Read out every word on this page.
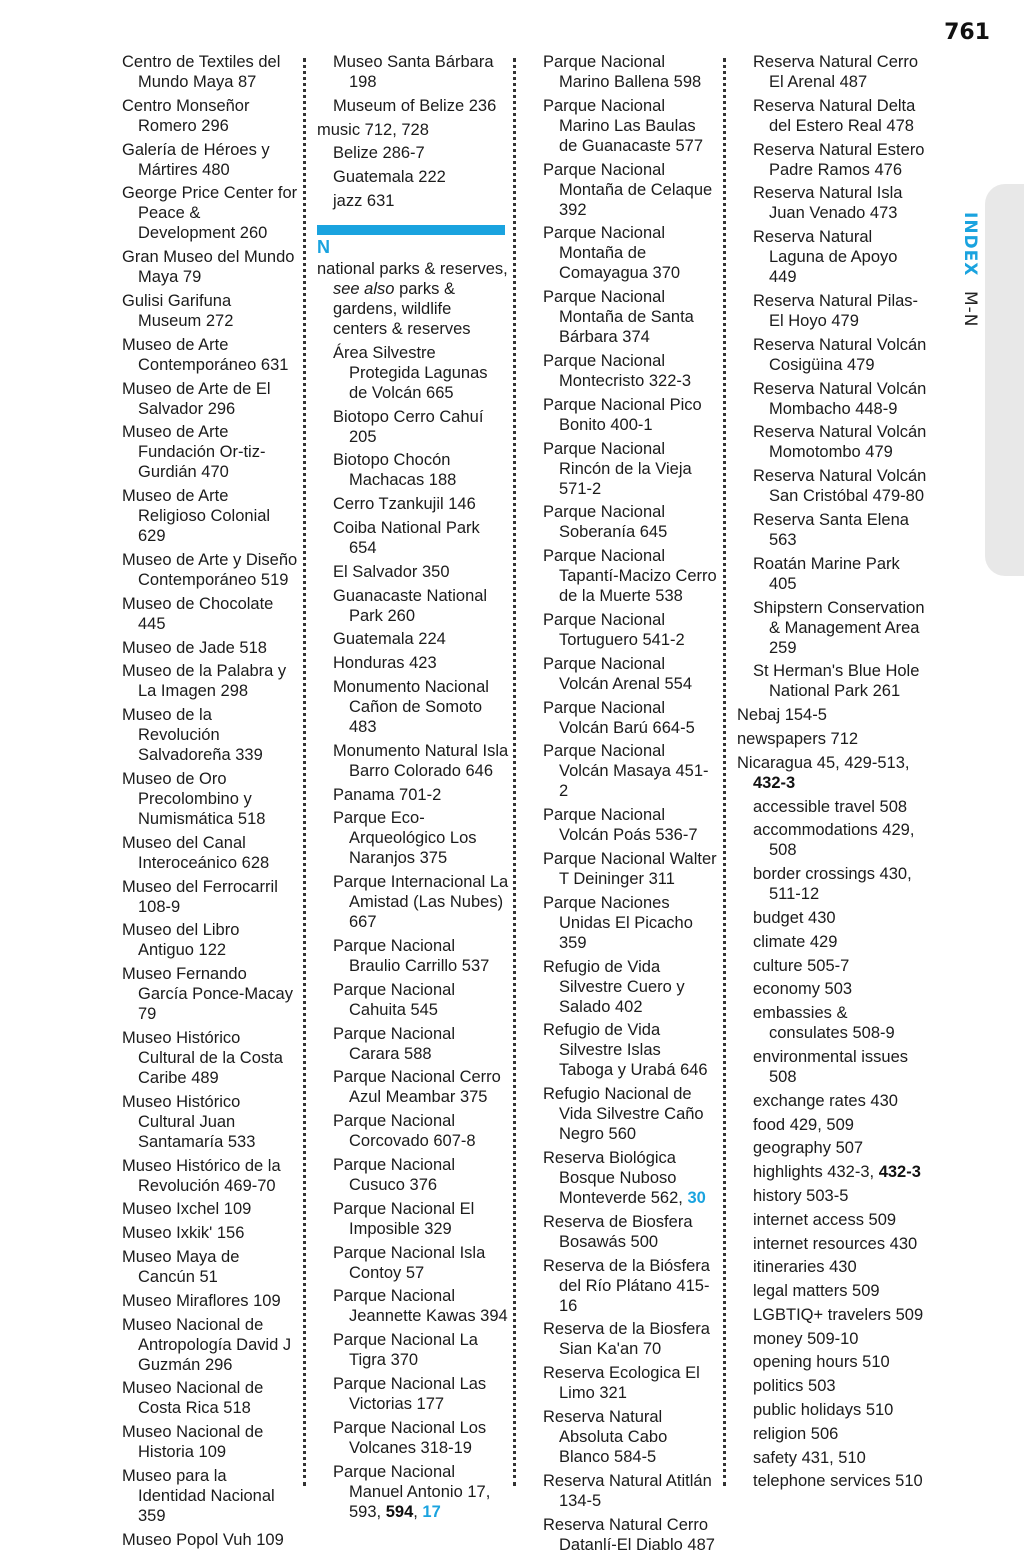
761
INDEX M-N
Centro de Textiles del Mundo Maya 87
Centro Monseñor Romero 296
Galería de Héroes y Mártires 480
George Price Center for Peace & Development 260
Gran Museo del Mundo Maya 79
Gulisi Garifuna Museum 272
Museo de Arte Contemporáneo 631
Museo de Arte de El Salvador 296
Museo de Arte Fundación Or-tiz-Gurdián 470
Museo de Arte Religioso Colonial 629
Museo de Arte y Diseño Contemporáneo 519
Museo de Chocolate 445
Museo de Jade 518
Museo de la Palabra y La Imagen 298
Museo de la Revolución Salvadoreña 339
Museo de Oro Precolombino y Numismática 518
Museo del Canal Interoceánico 628
Museo del Ferrocarril 108-9
Museo del Libro Antiguo 122
Museo Fernando García Ponce-Macay 79
Museo Histórico Cultural de la Costa Caribe 489
Museo Histórico Cultural Juan Santamaría 533
Museo Histórico de la Revolución 469-70
Museo Ixchel 109
Museo Ixkik' 156
Museo Maya de Cancún 51
Museo Miraflores 109
Museo Nacional de Antropología David J Guzmán 296
Museo Nacional de Costa Rica 518
Museo Nacional de Historia 109
Museo para la Identidad Nacional 359
Museo Popol Vuh 109
Museo Santa Bárbara 198
Museum of Belize 236
music 712, 728
Belize 286-7
Guatemala 222
jazz 631
N
national parks & reserves, see also parks & gardens, wildlife centers & reserves
Área Silvestre Protegida Lagunas de Volcán 665
Biotopo Cerro Cahuí 205
Biotopo Chocón Machacas 188
Cerro Tzankujil 146
Coiba National Park 654
El Salvador 350
Guanacaste National Park 260
Guatemala 224
Honduras 423
Monumento Nacional Cañon de Somoto 483
Monumento Natural Isla Barro Colorado 646
Panama 701-2
Parque Eco-Arqueológico Los Naranjos 375
Parque Internacional La Amistad (Las Nubes) 667
Parque Nacional Braulio Carrillo 537
Parque Nacional Cahuita 545
Parque Nacional Carara 588
Parque Nacional Cerro Azul Meambar 375
Parque Nacional Corcovado 607-8
Parque Nacional Cusuco 376
Parque Nacional El Imposible 329
Parque Nacional Isla Contoy 57
Parque Nacional Jeannette Kawas 394
Parque Nacional La Tigra 370
Parque Nacional Las Victorias 177
Parque Nacional Los Volcanes 318-19
Parque Nacional Manuel Antonio 17, 593, 594, 17
Parque Nacional Marino Ballena 598
Parque Nacional Marino Las Baulas de Guanacaste 577
Parque Nacional Montaña de Celaque 392
Parque Nacional Montaña de Comayagua 370
Parque Nacional Montaña de Santa Bárbara 374
Parque Nacional Montecristo 322-3
Parque Nacional Pico Bonito 400-1
Parque Nacional Rincón de la Vieja 571-2
Parque Nacional Soberanía 645
Parque Nacional Tapantí-Macizo Cerro de la Muerte 538
Parque Nacional Tortuguero 541-2
Parque Nacional Volcán Arenal 554
Parque Nacional Volcán Barú 664-5
Parque Nacional Volcán Masaya 451-2
Parque Nacional Volcán Poás 536-7
Parque Nacional Walter T Deininger 311
Parque Naciones Unidas El Picacho 359
Refugio de Vida Silvestre Cuero y Salado 402
Refugio de Vida Silvestre Islas Taboga y Urabá 646
Refugio Nacional de Vida Silvestre Caño Negro 560
Reserva Biológica Bosque Nuboso Monteverde 562, 30
Reserva de Biosfera Bosawás 500
Reserva de la Biósfera del Río Plátano 415-16
Reserva de la Biosfera Sian Ka'an 70
Reserva Ecologica El Limo 321
Reserva Natural Absoluta Cabo Blanco 584-5
Reserva Natural Atitlán 134-5
Reserva Natural Cerro Datanlí-El Diablo 487
Reserva Natural Cerro El Arenal 487
Reserva Natural Delta del Estero Real 478
Reserva Natural Estero Padre Ramos 476
Reserva Natural Isla Juan Venado 473
Reserva Natural Laguna de Apoyo 449
Reserva Natural Pilas-El Hoyo 479
Reserva Natural Volcán Cosigüina 479
Reserva Natural Volcán Mombacho 448-9
Reserva Natural Volcán Momotombo 479
Reserva Natural Volcán San Cristóbal 479-80
Reserva Santa Elena 563
Roatán Marine Park 405
Shipstern Conservation & Management Area 259
St Herman's Blue Hole National Park 261
Nebaj 154-5
newspapers 712
Nicaragua 45, 429-513, 432-3
accessible travel 508
accommodations 429, 508
border crossings 430, 511-12
budget 430
climate 429
culture 505-7
economy 503
embassies & consulates 508-9
environmental issues 508
exchange rates 430
food 429, 509
geography 507
highlights 432-3, 432-3
history 503-5
internet access 509
internet resources 430
itineraries 430
legal matters 509
LGBTIQ+ travelers 509
money 509-10
opening hours 510
politics 503
public holidays 510
religion 506
safety 431, 510
telephone services 510
